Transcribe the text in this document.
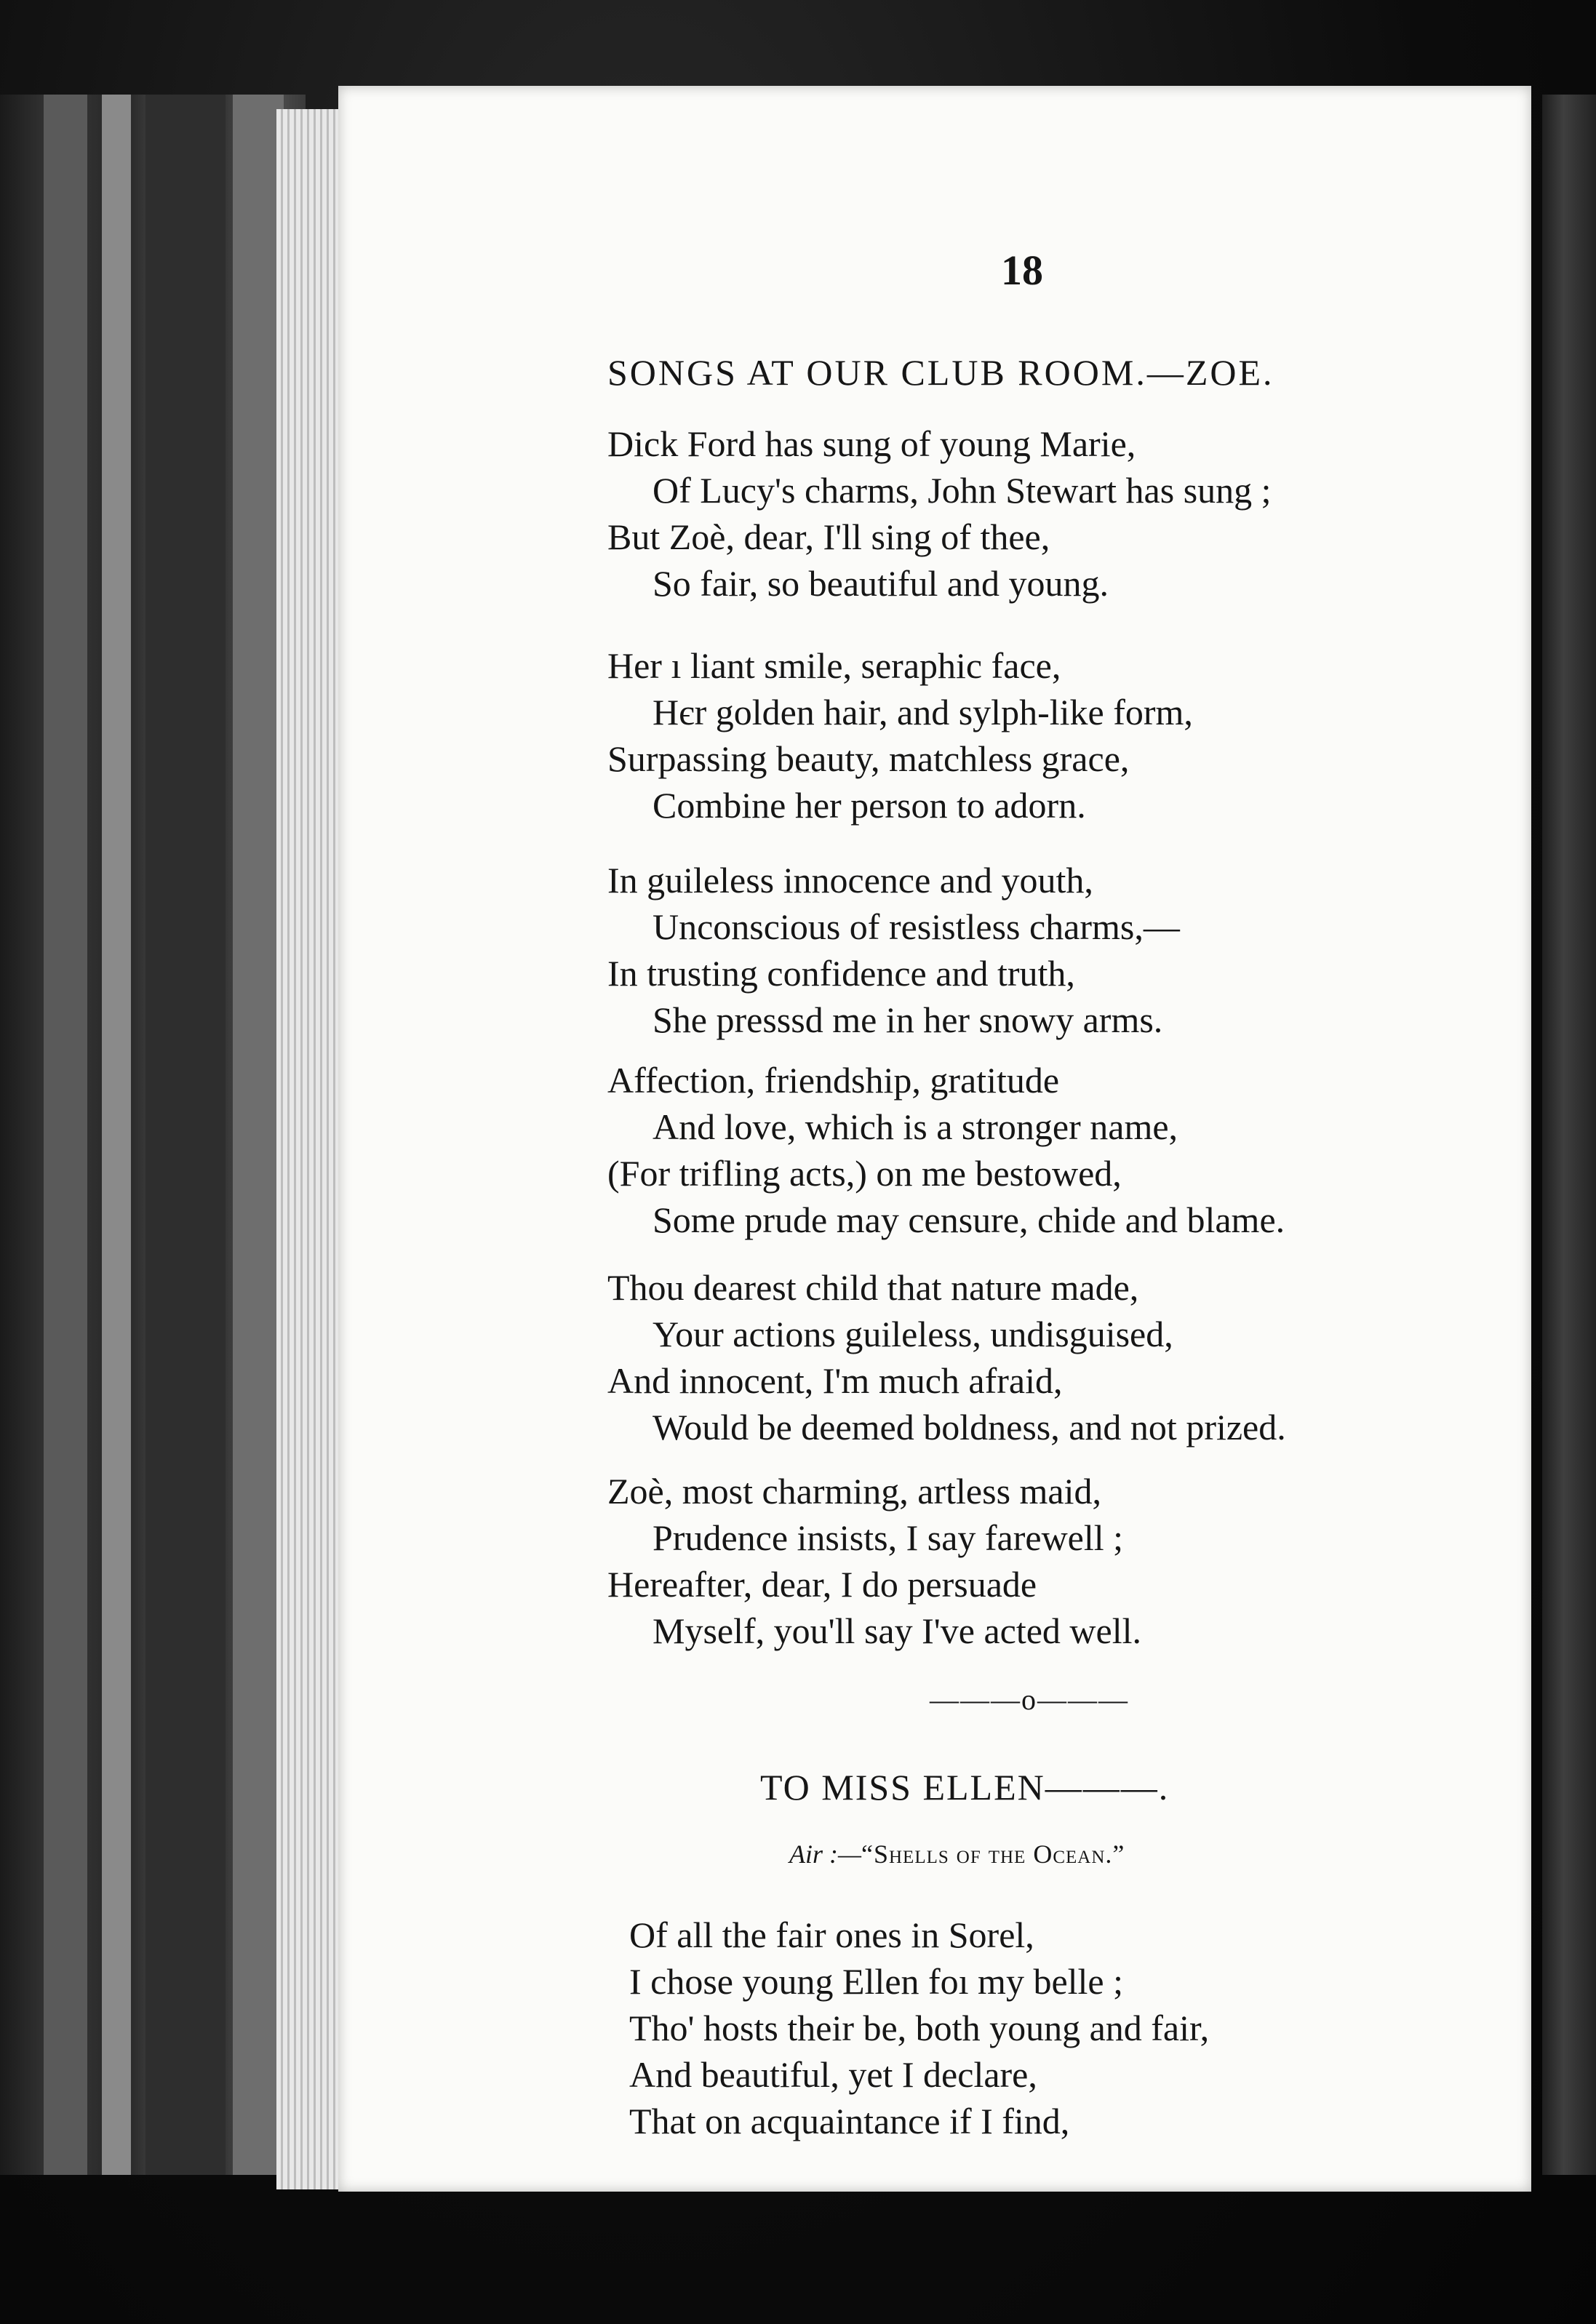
18
SONGS AT OUR CLUB ROOM.—ZOE.
Dick Ford has sung of young Marie,
Of Lucy's charms, John Stewart has sung ;
But Zoè, dear, I'll sing of thee,
So fair, so beautiful and young.
Her ı liant smile, seraphic face,
Hєr golden hair, and sylph-like form,
Surpassing beauty, matchless grace,
Combine her person to adorn.
In guileless innocence and youth,
Unconscious of resistless charms,—
In trusting confidence and truth,
She presssd me in her snowy arms.
Affection, friendship, gratitude
And love, which is a stronger name,
(For trifling acts,) on me bestowed,
Some prude may censure, chide and blame.
Thou dearest child that nature made,
Your actions guileless, undisguised,
And innocent, I'm much afraid,
Would be deemed boldness, and not prized.
Zoè, most charming, artless maid,
Prudence insists, I say farewell ;
Hereafter, dear, I do persuade
Myself, you'll say I've acted well.
———o———
TO MISS ELLEN———.
Air :—“Shells of the Ocean.”
Of all the fair ones in Sorel,
I chose young Ellen foı my belle ;
Tho' hosts their be, both young and fair,
And beautiful, yet I declare,
That on acquaintance if I find,
